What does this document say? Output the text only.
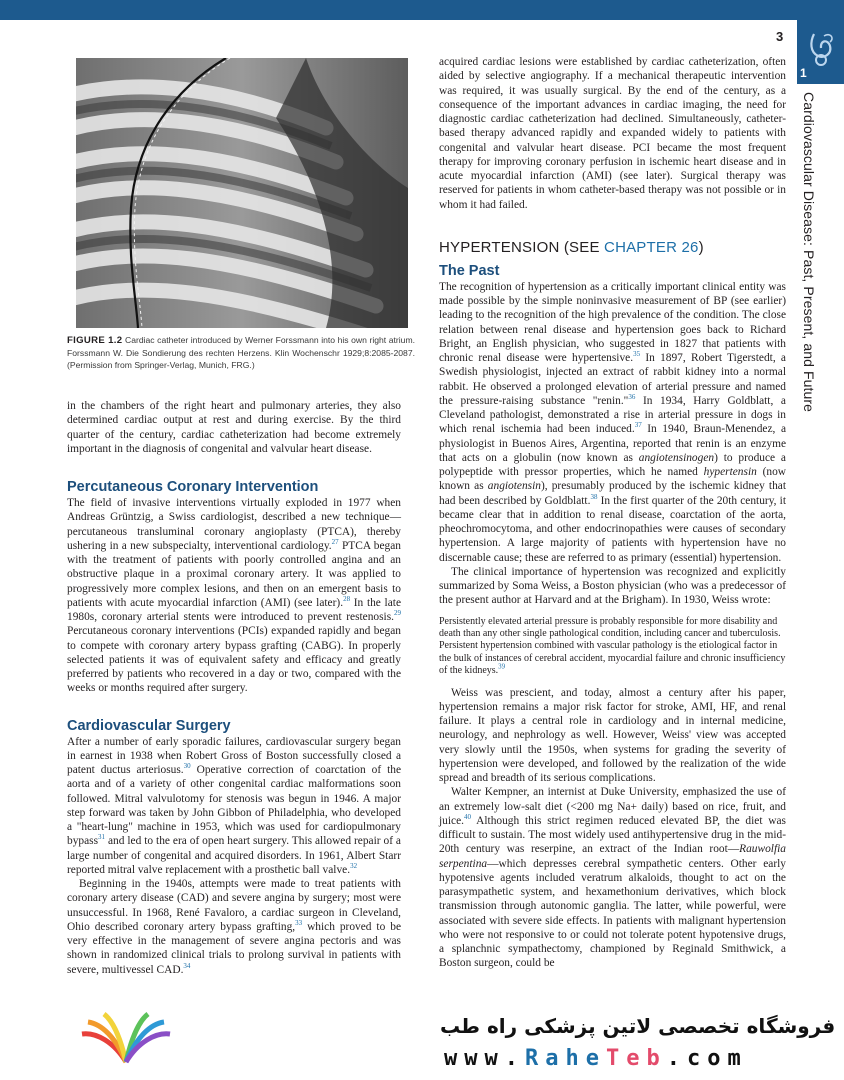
1
3
Cardiovascular Disease: Past, Present, and Future
FIGURE 1.2 Cardiac catheter introduced by Werner Forssmann into his own right atrium. Forssmann W. Die Sondierung des rechten Herzens. Klin Wochenschr 1929;8:2085-2087. (Permission from Springer-Verlag, Munich, FRG.)

in the chambers of the right heart and pulmonary arteries, they also determined cardiac output at rest and during exercise. By the third quarter of the century, cardiac catheterization had become extremely important in the diagnosis of congenital and valvular heart disease.

Percutaneous Coronary Intervention

The field of invasive interventions virtually exploded in 1977 when Andreas Grüntzig, a Swiss cardiologist, described a new technique—percutaneous transluminal coronary angioplasty (PTCA), thereby ushering in a new subspecialty, interventional cardiology.$^{27}$ PTCA began with the treatment of patients with poorly controlled angina and an obstructive plaque in a proximal coronary artery. It was applied to progressively more complex lesions, and then on an emergent basis to patients with acute myocardial infarction (AMI) (see later).$^{28}$ In the late 1980s, coronary arterial stents were introduced to prevent restenosis.$^{29}$ Percutaneous coronary interventions (PCIs) expanded rapidly and began to compete with coronary artery bypass grafting (CABG). In properly selected patients it was of equivalent safety and efficacy and greatly preferred by patients who recovered in a day or two, compared with the weeks or months required after surgery.

Cardiovascular Surgery

After a number of early sporadic failures, cardiovascular surgery began in earnest in 1938 when Robert Gross of Boston successfully closed a patent ductus arteriosus.$^{30}$ Operative correction of coarctation of the aorta and of a variety of other congenital cardiac malformations soon followed. Mitral valvulotomy for stenosis was begun in 1946. A major step forward was taken by John Gibbon of Philadelphia, who developed a "heart-lung" machine in 1953, which was used for cardiopulmonary bypass$^{31}$ and led to the era of open heart surgery. This allowed repair of a large number of congenital and acquired disorders. In 1961, Albert Starr reported mitral valve replacement with a prosthetic ball valve.$^{32}$

Beginning in the 1940s, attempts were made to treat patients with coronary artery disease (CAD) and severe angina by surgery; most were unsuccessful. In 1968, René Favaloro, a cardiac surgeon in Cleveland, Ohio described coronary artery bypass grafting,$^{33}$ which proved to be very effective in the management of severe angina pectoris and was shown in randomized clinical trials to prolong survival in patients with severe, multivessel CAD.$^{34}$

acquired cardiac lesions were established by cardiac catheterization, often aided by selective angiography. If a mechanical therapeutic intervention was required, it was usually surgical. By the end of the century, as a consequence of the important advances in cardiac imaging, the need for diagnostic cardiac catheterization had declined. Simultaneously, catheter-based therapy advanced rapidly and expanded widely to patients with congenital and valvular heart disease. PCI became the most frequent therapy for improving coronary perfusion in ischemic heart disease and in acute myocardial infarction (AMI) (see later). Surgical therapy was reserved for patients in whom catheter-based therapy was not possible or in whom it had failed.

HYPERTENSION (SEE CHAPTER 26)
The Past

The recognition of hypertension as a critically important clinical entity was made possible by the simple noninvasive measurement of BP (see earlier) leading to the recognition of the high prevalence of the condition. The close relation between renal disease and hypertension goes back to Richard Bright, an English physician, who suggested in 1827 that patients with chronic renal disease were hypertensive.$^{35}$ In 1897, Robert Tigerstedt, a Swedish physiologist, injected an extract of rabbit kidney into a normal rabbit. He observed a prolonged elevation of arterial pressure and named the pressure-raising substance "renin."$^{36}$ In 1934, Harry Goldblatt, a Cleveland pathologist, demonstrated a rise in arterial pressure in dogs in which renal ischemia had been induced.$^{37}$ In 1940, Braun-Menendez, a physiologist in Buenos Aires, Argentina, reported that renin is an enzyme that acts on a globulin (now known as angiotensinogen) to produce a polypeptide with pressor properties, which he named hypertensin (now known as angiotensin), presumably produced by the ischemic kidney that had been described by Goldblatt.$^{38}$ In the first quarter of the 20th century, it became clear that in addition to renal disease, coarctation of the aorta, pheochromocytoma, and other endocrinopathies were causes of secondary hypertension. A large majority of patients with hypertension have no discernable cause; these are referred to as primary (essential) hypertension.

The clinical importance of hypertension was recognized and explicitly summarized by Soma Weiss, a Boston physician (who was a predecessor of the present author at Harvard and at the Brigham). In 1930, Weiss wrote:

Persistently elevated arterial pressure is probably responsible for more disability and death than any other single pathological condition, including cancer and tuberculosis. Persistent hypertension combined with vascular pathology is the etiological factor in the bulk of instances of cerebral accident, myocardial failure and chronic insufficiency of the kidneys.$^{39}$

Weiss was prescient, and today, almost a century after his paper, hypertension remains a major risk factor for stroke, AMI, HF, and renal failure. It plays a central role in cardiology and in internal medicine, neurology, and nephrology as well. However, Weiss' view was accepted very slowly until the 1950s, when systems for grading the severity of hypertension were developed, and followed by the realization of the wide spread and breadth of its serious complications.

Walter Kempner, an internist at Duke University, emphasized the use of an extremely low-salt diet (<200 mg Na+ daily) based on rice, fruit, and juice.$^{40}$ Although this strict regimen reduced elevated BP, the diet was difficult to sustain. The most widely used antihypertensive drug in the mid-20th century was reserpine, an extract of the Indian root—Rauwolfia serpentina—which depresses cerebral sympathetic centers. Other early hypotensive agents included veratrum alkaloids, thought to act on the parasympathetic system, and hexamethonium derivatives, which block transmission through autonomic ganglia. The latter, while powerful, were associated with severe side effects. In patients with malignant hypertension who were not responsive to or could not tolerate potent hypotensive drugs, a splanchnic sympathectomy, championed by Reginald Smithwick, a Boston surgeon, could be

فروشگاه تخصصی لاتین پزشکی راه طب
www.RaheTeb.com
